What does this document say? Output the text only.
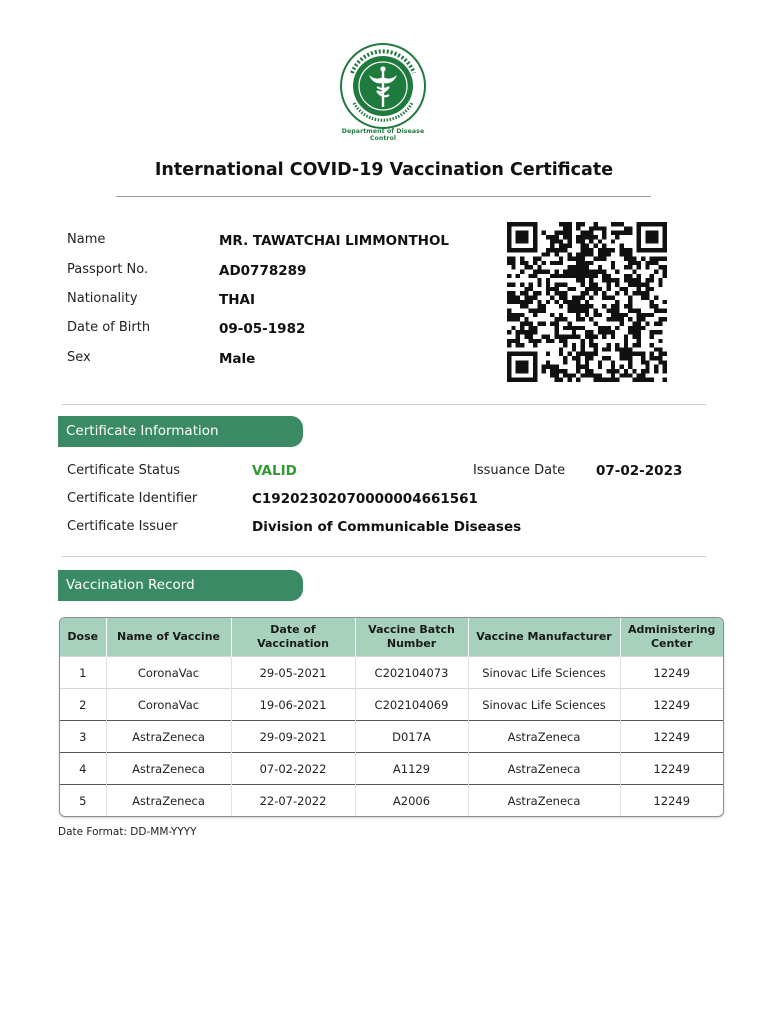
Department of Disease Control
International COVID-19 Vaccination Certificate
Name	MR. TAWATCHAI LIMMONTHOL
Passport No.	AD0778289
Nationality	THAI
Date of Birth	09-05-1982
Sex	Male
Certificate Information
Certificate Status	VALID	Issuance Date 07-02-2023
Certificate Identifier	C19202302070000004661561
Certificate Issuer	Division of Communicable Diseases
Vaccination Record
Dose	Name of Vaccine	Date of Vaccination	Vaccine Batch Number	Vaccine Manufacturer	Administering Center
1	CoronaVac	29-05-2021	C202104073	Sinovac Life Sciences	12249
2	CoronaVac	19-06-2021	C202104069	Sinovac Life Sciences	12249
3	AstraZeneca	29-09-2021	D017A	AstraZeneca	12249
4	AstraZeneca	07-02-2022	A1129	AstraZeneca	12249
5	AstraZeneca	22-07-2022	A2006	AstraZeneca	12249
Date Format: DD-MM-YYYY
